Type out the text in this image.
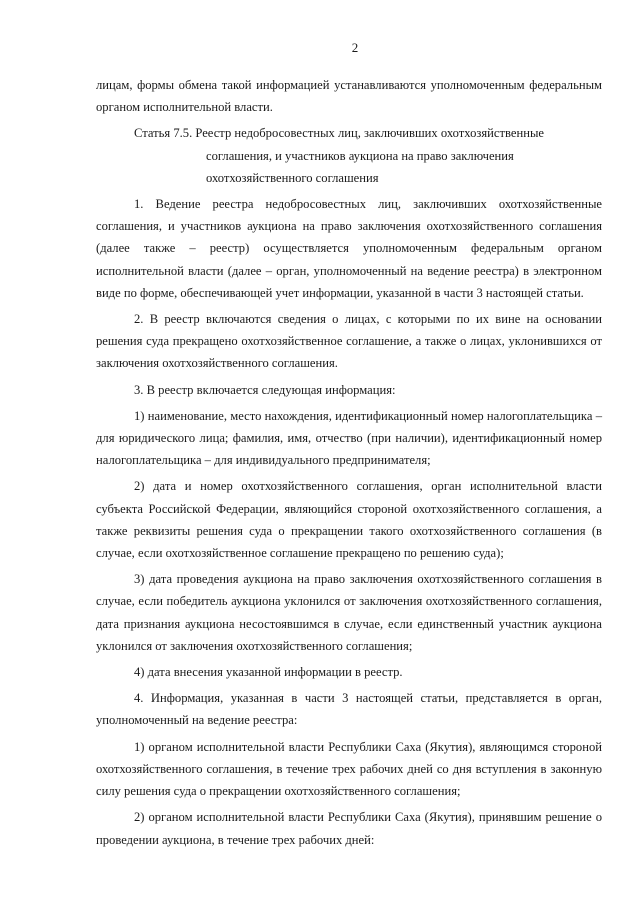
2

лицам, формы обмена такой информацией устанавливаются уполномоченным федеральным органом исполнительной власти.

Статья 7.5. Реестр недобросовестных лиц, заключивших охотхозяйственные
соглашения, и участников аукциона на право заключения
охотхозяйственного соглашения

1. Ведение реестра недобросовестных лиц, заключивших охотхозяйственные соглашения, и участников аукциона на право заключения охотхозяйственного соглашения (далее также – реестр) осуществляется уполномоченным федеральным органом исполнительной власти (далее – орган, уполномоченный на ведение реестра) в электронном виде по форме, обеспечивающей учет информации, указанной в части 3 настоящей статьи.

2. В реестр включаются сведения о лицах, с которыми по их вине на основании решения суда прекращено охотхозяйственное соглашение, а также о лицах, уклонившихся от заключения охотхозяйственного соглашения.

3. В реестр включается следующая информация:

1) наименование, место нахождения, идентификационный номер налогоплательщика – для юридического лица; фамилия, имя, отчество (при наличии), идентификационный номер налогоплательщика – для индивидуального предпринимателя;

2) дата и номер охотхозяйственного соглашения, орган исполнительной власти субъекта Российской Федерации, являющийся стороной охотхозяйственного соглашения, а также реквизиты решения суда о прекращении такого охотхозяйственного соглашения (в случае, если охотхозяйственное соглашение прекращено по решению суда);

3) дата проведения аукциона на право заключения охотхозяйственного соглашения в случае, если победитель аукциона уклонился от заключения охотхозяйственного соглашения, дата признания аукциона несостоявшимся в случае, если единственный участник аукциона уклонился от заключения охотхозяйственного соглашения;

4) дата внесения указанной информации в реестр.

4. Информация, указанная в части 3 настоящей статьи, представляется в орган, уполномоченный на ведение реестра:

1) органом исполнительной власти Республики Саха (Якутия), являющимся стороной охотхозяйственного соглашения, в течение трех рабочих дней со дня вступления в законную силу решения суда о прекращении охотхозяйственного соглашения;

2) органом исполнительной власти Республики Саха (Якутия), принявшим решение о проведении аукциона, в течение трех рабочих дней:
